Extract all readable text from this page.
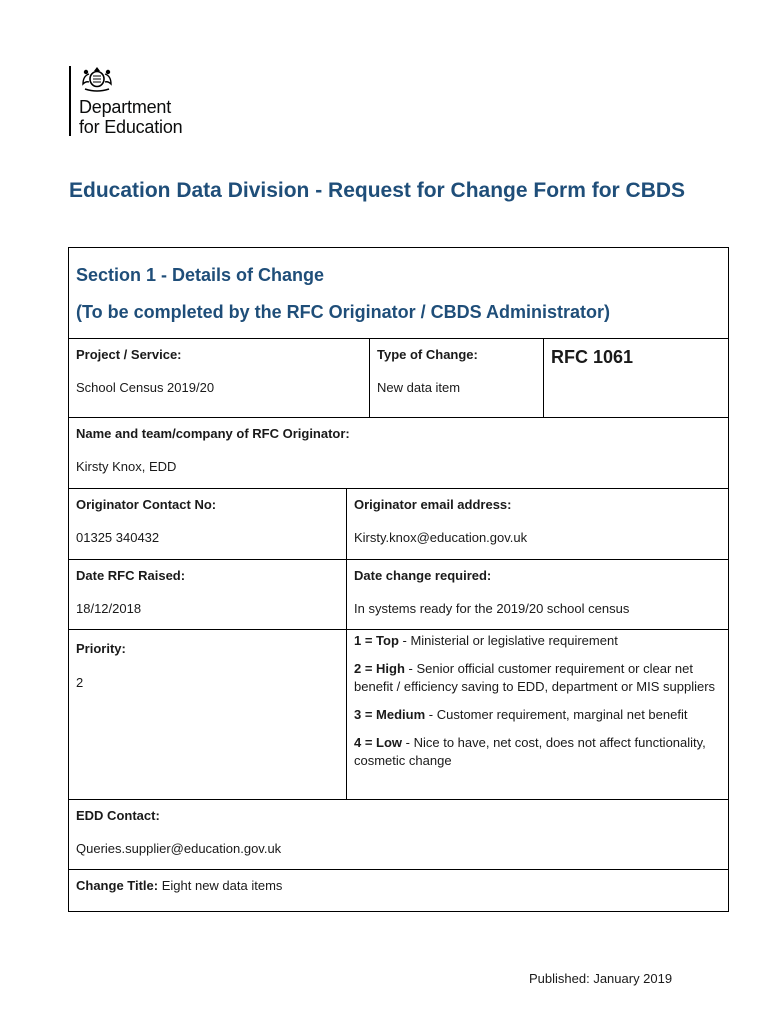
Department
for Education
Education Data Division - Request for Change Form for CBDS
Section 1 - Details of Change
(To be completed by the RFC Originator / CBDS Administrator)
Project / Service:
School Census 2019/20
Type of Change:
New data item
RFC 1061
Name and team/company of RFC Originator:
Kirsty Knox, EDD
Originator Contact No:
01325 340432
Originator email address:
Kirsty.knox@education.gov.uk
Date RFC Raised:
18/12/2018
Date change required:
In systems ready for the 2019/20 school census
Priority:
2

1 = Top - Ministerial or legislative requirement

2 = High - Senior official customer requirement or clear net benefit / efficiency saving to EDD, department or MIS suppliers

3 = Medium - Customer requirement, marginal net benefit

4 = Low - Nice to have, net cost, does not affect functionality, cosmetic change

EDD Contact:
Queries.supplier@education.gov.uk
Change Title: Eight new data items
Published: January 2019
